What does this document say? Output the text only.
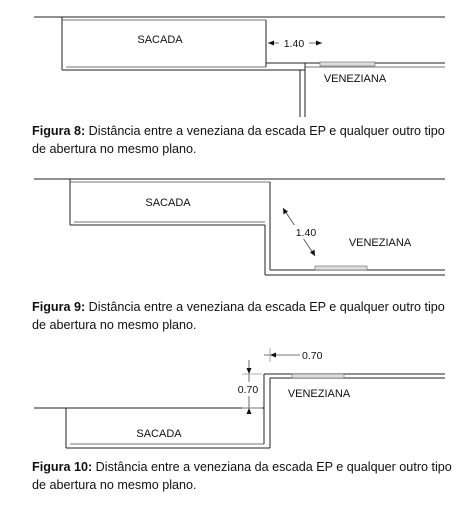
1.40
SACADA
VENEZIANA
Figura 8: Distância entre a veneziana da escada EP e qualquer outro tipo de abertura no mesmo plano.
1.40
SACADA
VENEZIANA
Figura 9: Distância entre a veneziana da escada EP e qualquer outro tipo de abertura no mesmo plano.
0.70
0.70
SACADA
VENEZIANA
Figura 10: Distância entre a veneziana da escada EP e qualquer outro tipo de abertura no mesmo plano.
